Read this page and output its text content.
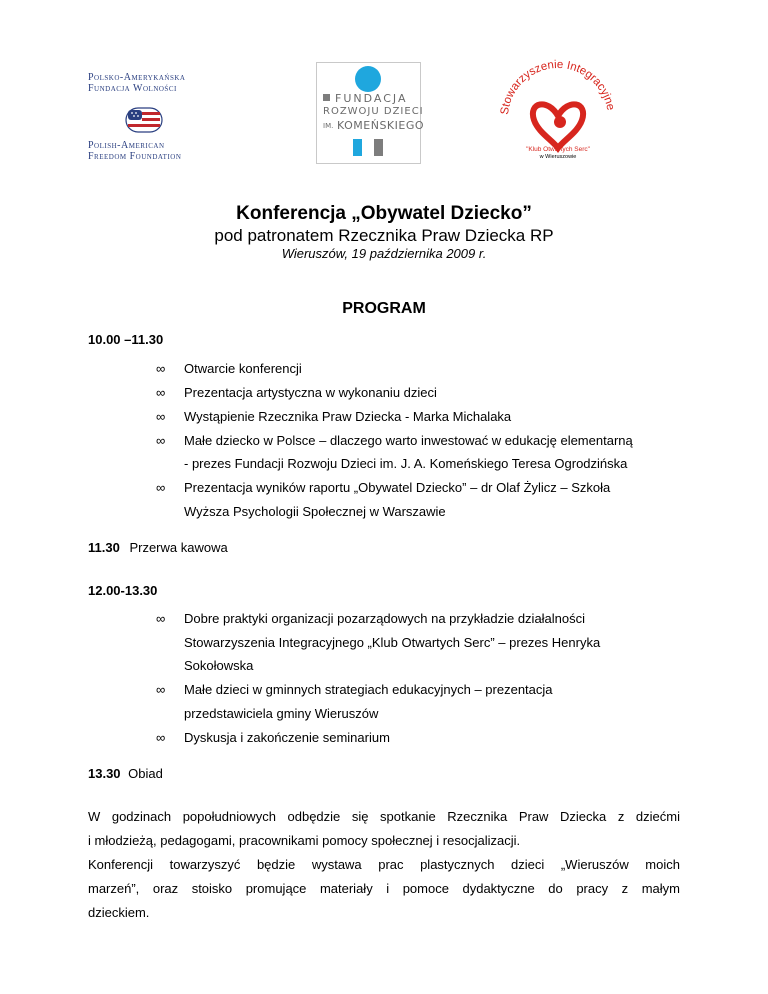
Polsko-Amerykańska
Fundacja Wolności
Polish-American
Freedom Foundation
FUNDACJA
ROZWOJU DZIECI
IM. KOMEŃSKIEGO
Stowarzyszenie Integracyjne
"Klub Otwartych Serc"
w Wieruszowie
Konferencja „Obywatel Dziecko”
pod patronatem Rzecznika Praw Dziecka RP
Wieruszów, 19 października 2009 r.
PROGRAM
10.00 –11.30
∞ Otwarcie konferencji
∞ Prezentacja artystyczna w wykonaniu dzieci
∞ Wystąpienie Rzecznika Praw Dziecka - Marka Michalaka
∞ Małe dziecko w Polsce – dlaczego warto inwestować w edukację elementarną
- prezes Fundacji Rozwoju Dzieci im. J. A. Komeńskiego Teresa Ogrodzińska
∞ Prezentacja wyników raportu „Obywatel Dziecko” – dr Olaf Żylicz – Szkoła
Wyższa Psychologii Społecznej w Warszawie
11.30 Przerwa kawowa
12.00-13.30
∞ Dobre praktyki organizacji pozarządowych na przykładzie działalności
Stowarzyszenia Integracyjnego „Klub Otwartych Serc” – prezes Henryka
Sokołowska
∞ Małe dzieci w gminnych strategiach edukacyjnych – prezentacja
przedstawiciela gminy Wieruszów
∞ Dyskusja i zakończenie seminarium
13.30 Obiad
W godzinach popołudniowych odbędzie się spotkanie Rzecznika Praw Dziecka z dziećmi
i młodzieżą, pedagogami, pracownikami pomocy społecznej i resocjalizacji.
Konferencji towarzyszyć będzie wystawa prac plastycznych dzieci „Wieruszów moich
marzeń”, oraz stoisko promujące materiały i pomoce dydaktyczne do pracy z małym
dzieckiem.
